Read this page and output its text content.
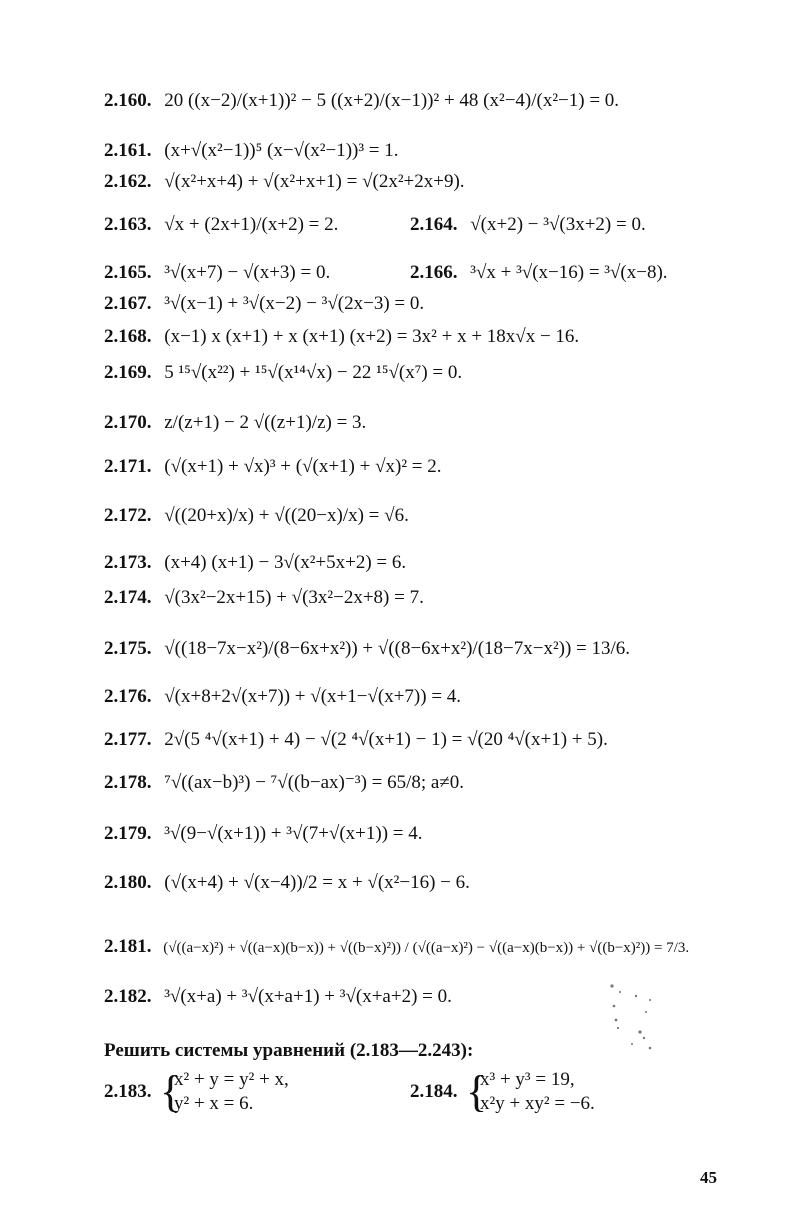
2.160. 20 ((x−2)/(x+1))² − 5 ((x+2)/(x−1))² + 48 (x²−4)/(x²−1) = 0.
2.161. (x+√(x²−1))⁵ (x−√(x²−1))³ = 1.
2.162. √(x²+x+4) + √(x²+x+1) = √(2x²+2x+9).
2.163. √x + (2x+1)/(x+2) = 2.	2.164. √(x+2) − ³√(3x+2) = 0.
2.165. ³√(x+7) − √(x+3) = 0.	2.166. ³√x + ³√(x−16) = ³√(x−8).
2.167. ³√(x−1) + ³√(x−2) − ³√(2x−3) = 0.
2.168. (x−1) x (x+1) + x (x+1) (x+2) = 3x² + x + 18x√x − 16.
2.169. 5 ¹⁵√(x²²) + ¹⁵√(x¹⁴√x) − 22 ¹⁵√(x⁷) = 0.
2.170. z/(z+1) − 2 √((z+1)/z) = 3.
2.171. (√(x+1) + √x)³ + (√(x+1) + √x)² = 2.
2.172. √((20+x)/x) + √((20−x)/x) = √6.
2.173. (x+4) (x+1) − 3√(x²+5x+2) = 6.
2.174. √(3x²−2x+15) + √(3x²−2x+8) = 7.
2.175. √((18−7x−x²)/(8−6x+x²)) + √((8−6x+x²)/(18−7x−x²)) = 13/6.
2.176. √(x+8+2√(x+7)) + √(x+1−√(x+7)) = 4.
2.177. 2√(5 ⁴√(x+1) + 4) − √(2 ⁴√(x+1) − 1) = √(20 ⁴√(x+1) + 5).
2.178. ⁷√((ax−b)³) − ⁷√((b−ax)⁻³) = 65/8; a≠0.
2.179. ³√(9−√(x+1)) + ³√(7+√(x+1)) = 4.
2.180. (√(x+4) + √(x−4))/2 = x + √(x²−16) − 6.
2.181. (√((a−x)²) + √((a−x)(b−x)) + √((b−x)²)) / (√((a−x)²) − √((a−x)(b−x)) + √((b−x)²)) = 7/3.
2.182. ³√(x+a) + ³√(x+a+1) + ³√(x+a+2) = 0.
Решить системы уравнений (2.183—2.243):
2.183. {
x² + y = y² + x,
y² + x = 6.
2.184. {
x³ + y³ = 19,
x²y + xy² = −6.
45
